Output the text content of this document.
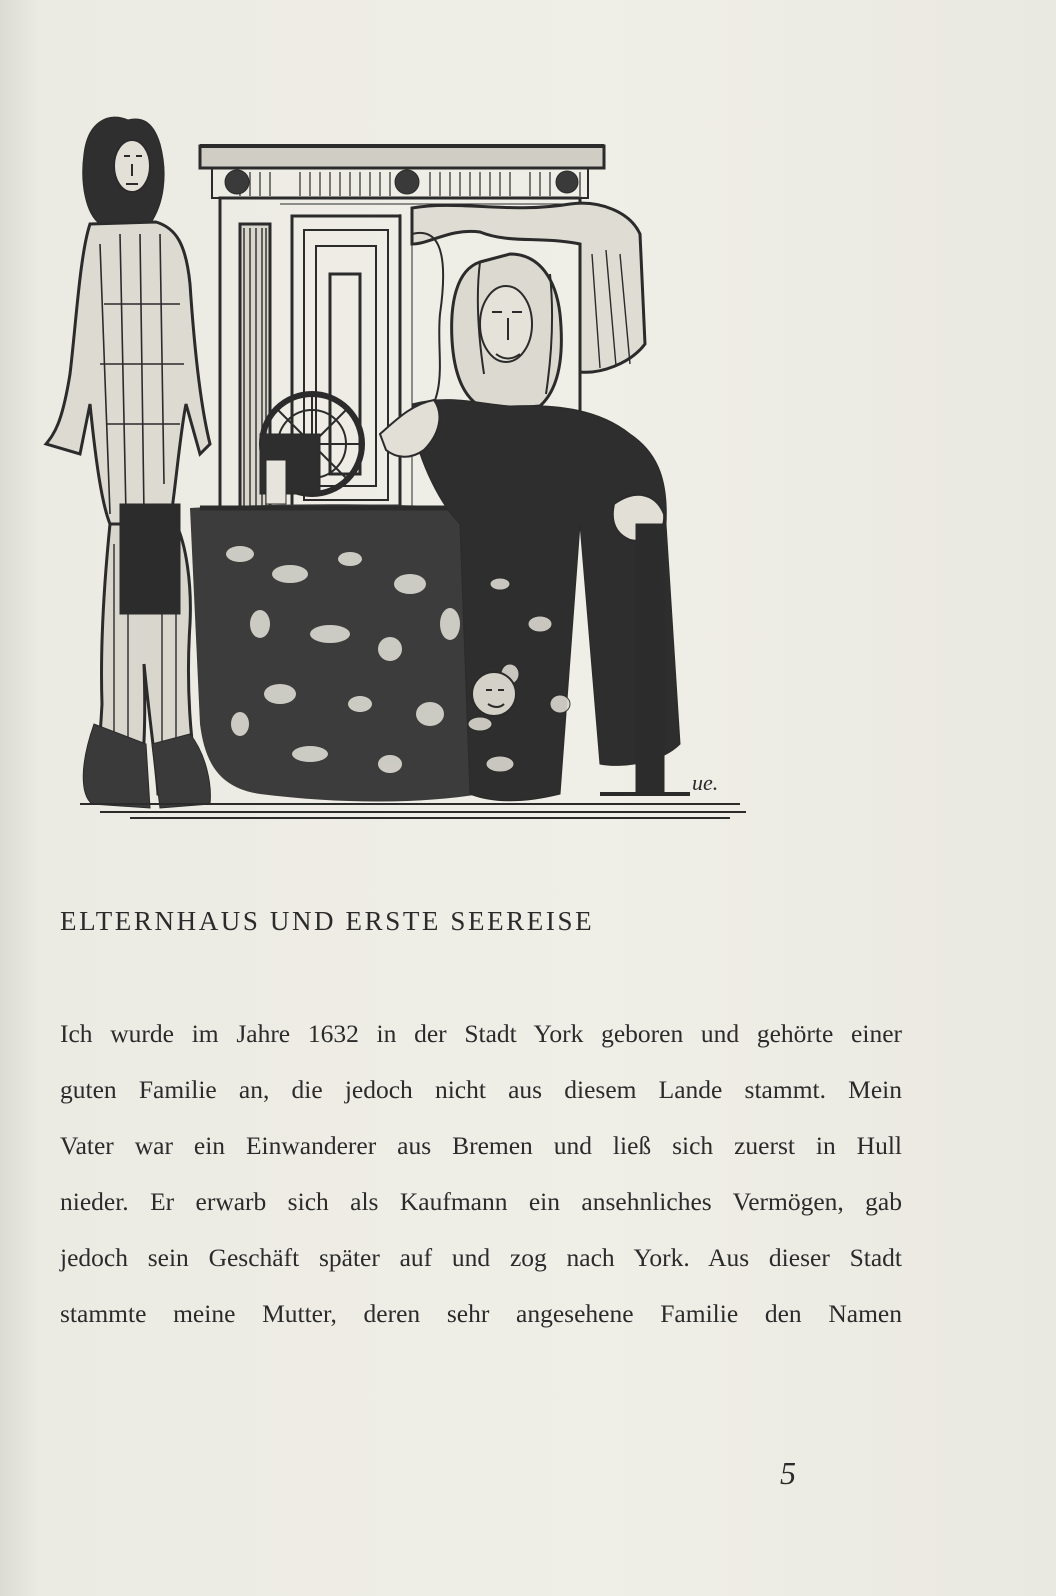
ue.
ELTERNHAUS UND ERSTE SEEREISE
Ich wurde im Jahre 1632 in der Stadt York geboren und gehörte einer
guten Familie an, die jedoch nicht aus diesem Lande stammt. Mein
Vater war ein Einwanderer aus Bremen und ließ sich zuerst in Hull
nieder. Er erwarb sich als Kaufmann ein ansehnliches Vermögen, gab
jedoch sein Geschäft später auf und zog nach York. Aus dieser Stadt
stammte meine Mutter, deren sehr angesehene Familie den Namen
5
